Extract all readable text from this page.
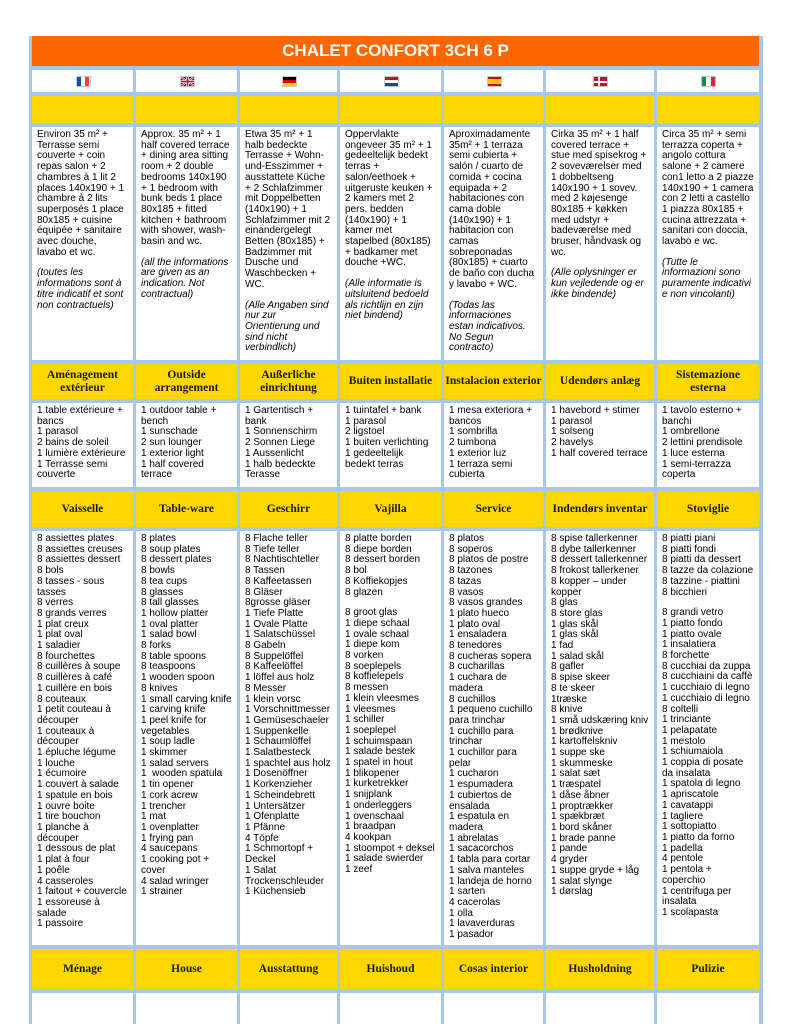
CHALET CONFORT 3CH 6 P
Environ 35 m² + Terrasse semi couverte + coin repas salon + 2 chambres à 1 lit 2 places 140x190 + 1 chambre à 2 lits superposés 1 place 80x185 + cuisine équipée + sanitaire avec douche, lavabo et wc.
(toutes les informations sont à titre indicatif et sont non contractuels)
Aménagement extérieur
1 table extérieure + bancs
1 parasol
2 bains de soleil
1 lumière extérieure
1 Terrasse semi couverte
Vaisselle
8 assiettes plates
8 assiettes creuses
8 assiettes dessert
8 bols
8 tasses - sous tasses
8 verres
8 grands verres
1 plat creux
1 plat oval
1 saladier
8 fourchettes
8 cuillères à soupe
8 cuillères à café
1 cuillère en bois
8 couteaux
1 petit couteau à découper
1 couteaux à découper
1 épluche légume
1 louche
1 écumoire
1 couvert à salade
1 spatule en bois
1 ouvre boite
1 tire bouchon
1 planche à découper
1 dessous de plat
1 plat à four
1 poêle
4 casseroles
1 faitout + couvercle
1 essoreuse à salade
1 passoire
Ménage
Approx. 35 m² + 1 half covered terrace + dining area sitting room + 2 double bedrooms 140x190 + 1 bedroom with bunk beds 1 place 80x185 + fitted kitchen + bathroom with shower, wash-basin and wc.
(all the informations are given as an indication. Not contractual)
Outside arrangement
1 outdoor table + bench
1 sunschade
2 sun lounger
1 exterior light
1 half covered terrace
Table-ware
8 plates
8 soup plates
8 dessert plates
8 bowls
8 tea cups
8 glasses
8 tall glasses
1 hollow platter
1 oval platter
1 salad bowl
8 forks
8 table spoons
8 teaspoons
1 wooden spoon
8 knives
1 small carving knife
1 carving knife
1 peel knife for vegetables
1 soup ladle
1 skimmer
1 salad servers
1  wooden spatula
1 tin opener
1 cork acrew
1 trencher
1 mat
1 ovenplatter
1 frying pan
4 saucepans
1 cooking pot + cover
4 salad wringer
1 strainer
House
Etwa 35 m² + 1 halb bedeckte Terrasse + Wohn-und-Esszimmer + ausstattete Küche + 2 Schlafzimmer mit Doppelbetten (140x190) + 1 Schlafzimmer mit 2 einandergelegt Betten (80x185) + Badzimmer mit Dusche und Waschbecken + WC.
(Alle Angaben sind nur zur Orientierung und sind nicht verbindlich)
Außerliche einrichtung
1 Gartentisch + bank
1 Sonnenschirm
2 Sonnen Liege
1 Aussenlicht
1 halb bedeckte Terasse
Geschirr
8 Flache teller
8 Tiefe teller
8 Nachtischteller
8 Tassen
8 Kaffeetassen
8 Gläser
8grosse gläser
1 Tiefe Platte
1 Ovale Platte
1 Salatschüssel
8 Gabeln
8 Suppelöffel
8 Kaffeelöffel
1 löffel aus holz
8 Messer
1 klein vorsc
1 Vorschnittmesser
1 Gemüseschaeler
1 Suppenkelle
1 Schaumlöffel
1 Salatbesteck
1 spachtel aus holz
1 Dosenöffner
1 Korkenzieher
1 Scheindebrett
1 Untersätzer
1 Ofenplatte
1 Pfänne
4 Töpfe
1 Schmortopf + Deckel
1 Salat Trockenschleuder
1 Küchensieb
Ausstattung
Oppervlakte ongeveer 35 m² + 1 gedeeltelijk bedekt terras + salon/eethoek + uitgeruste keuken + 2 kamers met 2 pers. bedden (140x190) + 1 kamer met stapelbed (80x185) + badkamer met douche +WC.
(Alle informatie is uitsluitend bedoeld als richtlijn en zijn niet bindend)
Buiten installatie
1 tuintafel + bank
1 parasol
2 ligstoel
1 buiten verlichting
1 gedeeltelijk bedekt terras
Vajilla
8 platte borden
8 diepe borden
8 dessert borden
8 bol
8 Koffiekopjes
8 glazen
8 groot glas
1 diepe schaal
1 ovale schaal
1 diepe kom
8 vorken
8 soeplepels
8 koffielepels
8 messen
1 klein vleesmes
1 vleesmes
1 schiller
1 soeplepel
1 schuimspaan
1 salade bestek
1 spatel in hout
1 blikopener
1 kurketrekker
1 snijplank
1 onderleggers
1 ovenschaal
1 braadpan
4 kookpan
1 stoompot + deksel
1 salade swierder
1 zeef
Huishoud
Aproximadamente 35m² + 1 terraza semi cubierta + salón / cuarto de comida + cocina equipada + 2 habitaciones con cama doble (140x190) + 1 habitacion con camas sobreponadas (80x185) + cuarto de baño con ducha y lavabo + WC.
(Todas las informaciones estan indicativos. No Segun contracto)
Instalacion exterior
1 mesa exteriora + bancos
1 sombrilla
2 tumbona
1 exterior luz
1 terraza semi cubierta
Service
8 platos
8 soperos
8 platos de postre
8 tazones
8 tazas
8 vasos
8 vasos grandes
1 plato hueco
1 plato oval
1 ensaladera
8 tenedores
8 cucheras sopera
8 cucharillas
1 cuchara de madera
8 cuchillos
1 pequeno cuchillo para trinchar
1 cuchillo para trinchar
1 cuchillor para pelar
1 cucharon
1 espumadera
1 cubiertos de ensalada
1 espatula en madera
1 abrelatas
1 sacacorchos
1 tabla para cortar
1 salva manteles
1 landeja de horno
1 sarten
4 cacerolas
1 olla
1 lavaverduras
1 pasador
Cosas interior
Cirka 35 m² + 1 half covered terrace + stue med spisekrog + 2 soveværelser med 1 dobbeltseng 140x190 + 1 sovev. med 2 køjesenge 80x185 + køkken med udstyr + badeværelse med bruser, håndvask og wc.
(Alle oplysninger er kun vejledende og er ikke bindende)
Udendørs anlæg
1 havebord + stimer
1 parasol
1 solseng
2 havelys
1 half covered terrace
Indendørs inventar
8 spise tallerkenner
8 dybe tallerkenner
8 dessert tallerkenner
8 frokost tallerkener
8 kopper – under kopper
8 glas
8 store glas
1 glas skål
1 glas skål
1 fad
1 salad skål
8 gafler
8 spise skeer
8 te skeer
1træske
8 knive
1 små udskæring kniv
1 brødknive
1 kartoffelskniv
1 suppe ske
1 skummeske
1 salat sæt
1 træspatel
1 dåse åbner
1 proptrækker
1 spækbræt
1 bord skåner
1 brade panne
1 pande
4 gryder
1 suppe gryde + låg
1 salat slynge
1 dørslag
Husholdning
Circa 35 m² + semi terrazza coperta + angolo cottura salone + 2 camere con1 letto a 2 piazze 140x190 + 1 camera con 2 letti a castello 1 piazza 80x185 + cucina attrezzata + sanitari con doccia, lavabo e wc.
(Tutte le informazioni sono puramente indicativi e non vincolanti)
Sistemazione esterna
1 tavolo esterno + banchi
1 ombrellone
2 lettini prendisole
1 luce esterna
1 semi-terrazza coperta
Stoviglie
8 piatti piani
8 piatti fondi
8 piatti da dessert
8 tazze da colazione
8 tazzine - piattini
8 bicchieri
8 grandi vetro
1 piatto fondo
1 piatto ovale
1 insalatiera
8 forchette
8 cucchiai da zuppa
8 cucchiaini da caffè
1 cucchiaio di legno
1 cucchiaio di legno
8 coltelli
1 trinciante
1 pelapatate
1 mestolo
1 schiumaiola
1 coppia di posate da insalata
1 spatola di legno
1 apriscatole
1 cavatappi
1 tagliere
1 sottopiatto
1 piatto da forno
1 padella
4 pentole
1 pentola + coperchio
1 centrifuga per insalata
1 scolapasta
Pulizie
